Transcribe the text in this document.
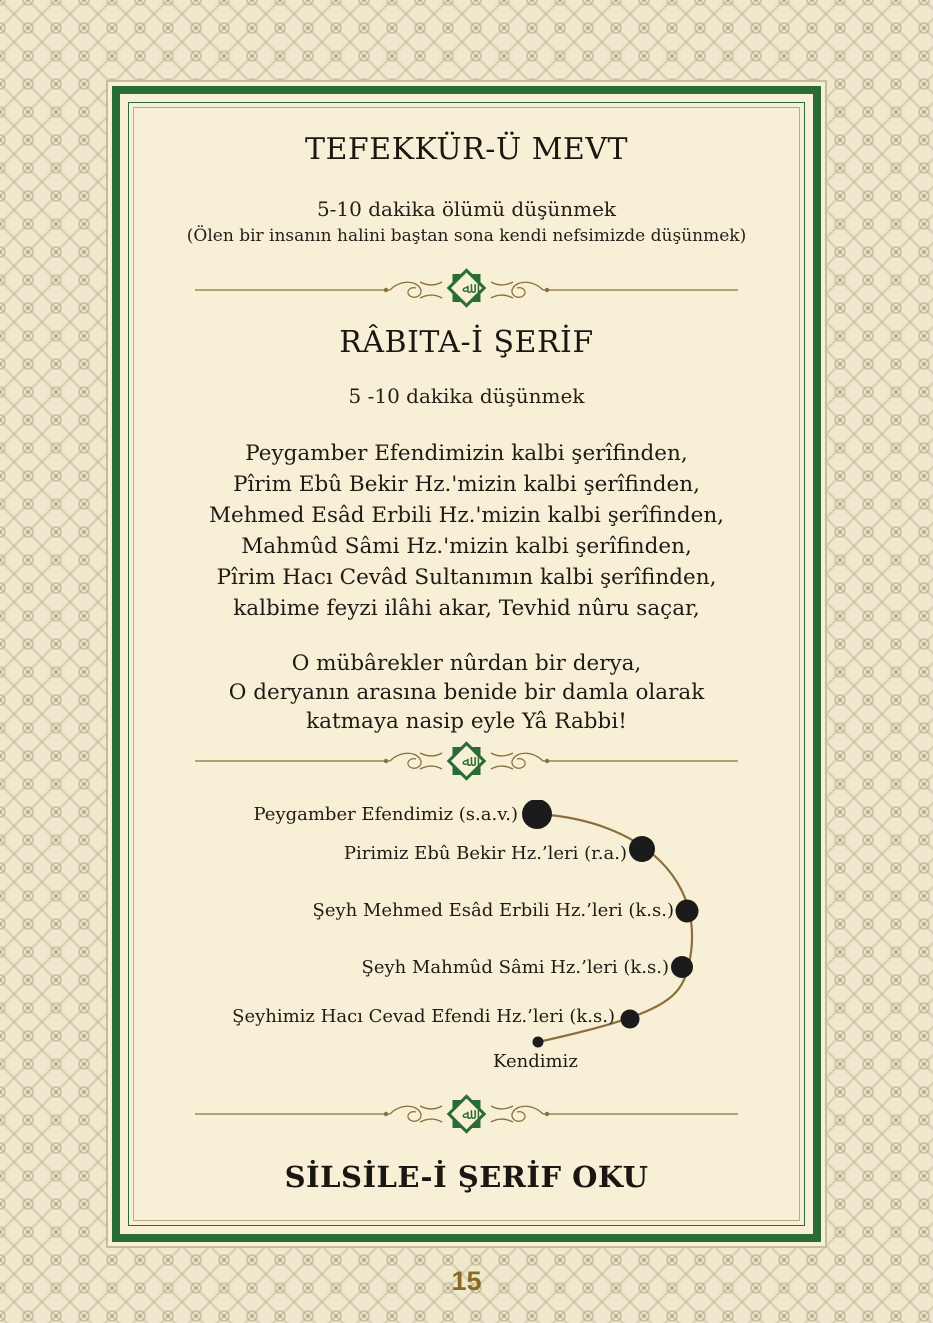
TEFEKKÜR-Ü MEVT
5-10 dakika ölümü düşünmek
(Ölen bir insanın halini baştan sona kendi nefsimizde düşünmek)
ﷲ
RÂBITA-İ ŞERİF
5 -10 dakika düşünmek
Peygamber Efendimizin kalbi şerîfinden,
Pîrim Ebû Bekir Hz.'mizin kalbi şerîfinden,
Mehmed Esâd Erbili Hz.'mizin kalbi şerîfinden,
Mahmûd Sâmi Hz.'mizin kalbi şerîfinden,
Pîrim Hacı Cevâd Sultanımın kalbi şerîfinden,
kalbime feyzi ilâhi akar, Tevhid nûru saçar,
O mübârekler nûrdan bir derya,
O deryanın arasına benide bir damla olarak
katmaya nasip eyle Yâ Rabbi!
ﷲ
Peygamber Efendimiz (s.a.v.)
Pirimiz Ebû Bekir Hz.’leri (r.a.)
Şeyh Mehmed Esâd Erbili Hz.’leri (k.s.)
Şeyh Mahmûd Sâmi Hz.’leri (k.s.)
Şeyhimiz Hacı Cevad Efendi Hz.’leri (k.s.)
Kendimiz
ﷲ
SİLSİLE-İ ŞERİF OKU
15
